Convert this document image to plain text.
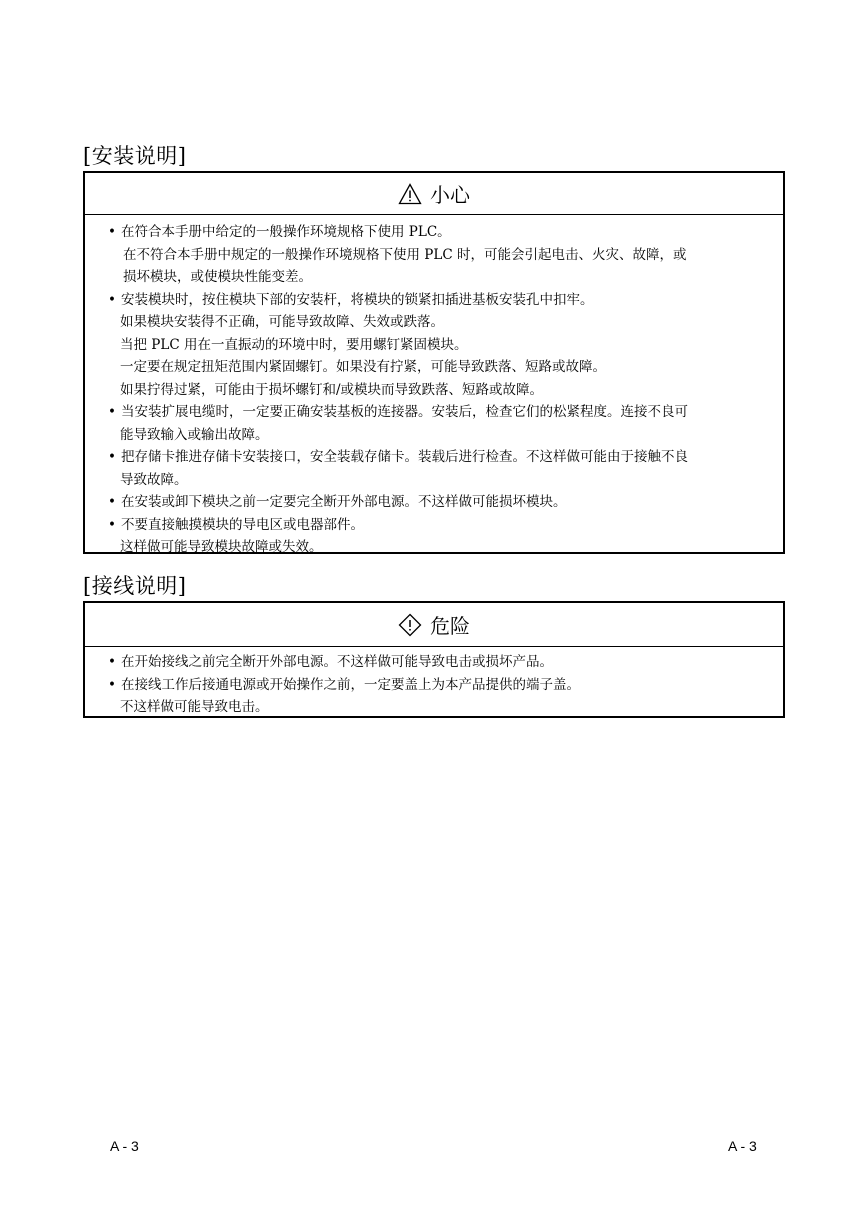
[安装说明]
小心
• 在符合本手册中给定的一般操作环境规格下使用 PLC。
在不符合本手册中规定的一般操作环境规格下使用 PLC 时，可能会引起电击、火灾、故障，或
损坏模块，或使模块性能变差。
• 安装模块时，按住模块下部的安装杆，将模块的锁紧扣插进基板安装孔中扣牢。
如果模块安装得不正确，可能导致故障、失效或跌落。
当把 PLC 用在一直振动的环境中时，要用螺钉紧固模块。
一定要在规定扭矩范围内紧固螺钉。如果没有拧紧，可能导致跌落、短路或故障。
如果拧得过紧，可能由于损坏螺钉和/或模块而导致跌落、短路或故障。
• 当安装扩展电缆时，一定要正确安装基板的连接器。安装后，检查它们的松紧程度。连接不良可
能导致输入或输出故障。
• 把存储卡推进存储卡安装接口，安全装载存储卡。装载后进行检查。不这样做可能由于接触不良
导致故障。
• 在安装或卸下模块之前一定要完全断开外部电源。不这样做可能损坏模块。
• 不要直接触摸模块的导电区或电器部件。
这样做可能导致模块故障或失效。
[接线说明]
危险
• 在开始接线之前完全断开外部电源。不这样做可能导致电击或损坏产品。
• 在接线工作后接通电源或开始操作之前，一定要盖上为本产品提供的端子盖。
不这样做可能导致电击。
A - 3	A - 3
